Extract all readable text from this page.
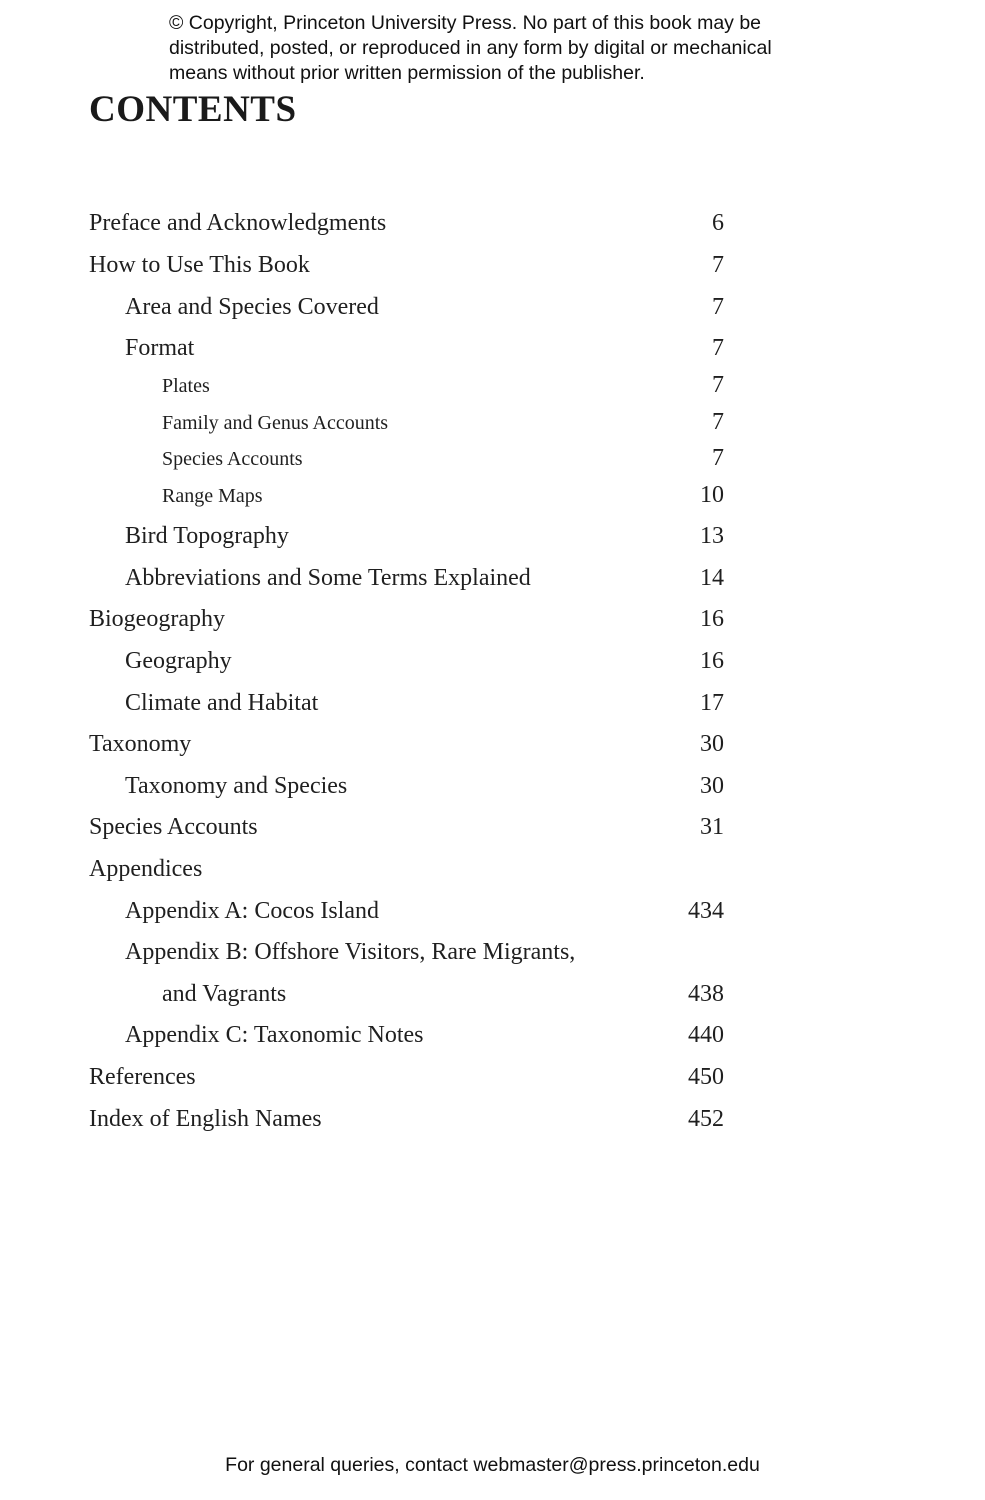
© Copyright, Princeton University Press. No part of this book may be
distributed, posted, or reproduced in any form by digital or mechanical
means without prior written permission of the publisher.

CONTENTS
Preface and Acknowledgments	6
How to Use This Book	7
Area and Species Covered	7
Format	7
Plates	7
Family and Genus Accounts	7
Species Accounts	7
Range Maps	10
Bird Topography	13
Abbreviations and Some Terms Explained	14
Biogeography	16
Geography	16
Climate and Habitat	17
Taxonomy	30
Taxonomy and Species	30
Species Accounts	31
Appendices
Appendix A: Cocos Island	434
Appendix B: Offshore Visitors, Rare Migrants,
and Vagrants	438
Appendix C: Taxonomic Notes	440
References	450
Index of English Names	452

For general queries, contact webmaster@press.princeton.edu
